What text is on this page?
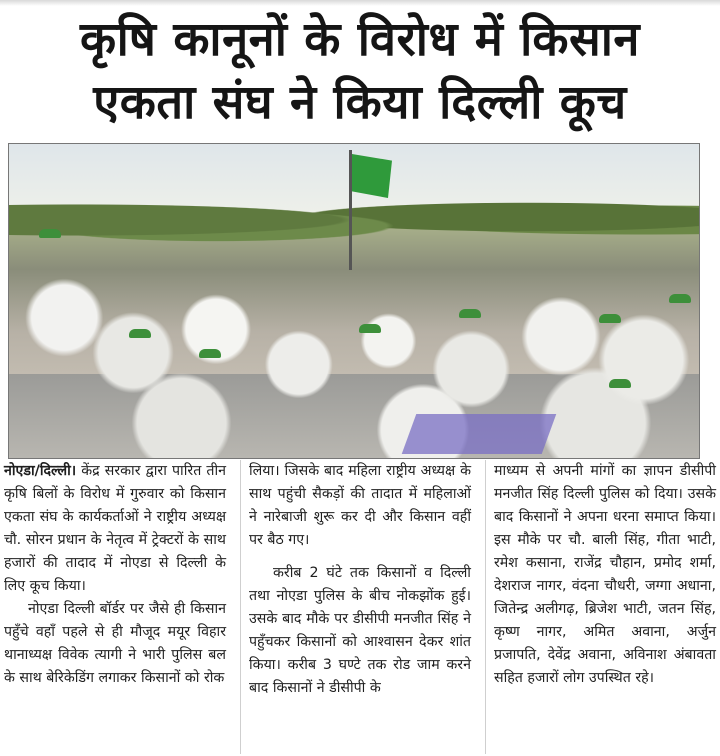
कृषि कानूनों के विरोध में किसान
एकता संघ ने किया दिल्ली कूच

नोएडा/दिल्ली। केंद्र सरकार द्वारा पारित तीन कृषि बिलों के विरोध में गुरुवार को किसान एकता संघ के कार्यकर्ताओं ने राष्ट्रीय अध्यक्ष चौ. सोरन प्रधान के नेतृत्व में ट्रेक्टरों के साथ हजारों की तादाद में नोएडा से दिल्ली के लिए कूच किया।

नोएडा दिल्ली बॉर्डर पर जैसे ही किसान पहुँचे वहाँ पहले से ही मौजूद मयूर विहार थानाध्यक्ष विवेक त्यागी ने भारी पुलिस बल के साथ बेरिकेडिंग लगाकर किसानों को रोक

लिया। जिसके बाद महिला राष्ट्रीय अध्यक्ष के साथ पहुंची सैकड़ों की तादात में महिलाओं ने नारेबाजी शुरू कर दी और किसान वहीं पर बैठ गए।

करीब 2 घंटे तक किसानों व दिल्ली तथा नोएडा पुलिस के बीच नोकझोंक हुई। उसके बाद मौके पर डीसीपी मनजीत सिंह ने पहुँचकर किसानों को आश्वासन देकर शांत किया। करीब 3 घण्टे तक रोड जाम करने बाद किसानों ने डीसीपी के

माध्यम से अपनी मांगों का ज्ञापन डीसीपी मनजीत सिंह दिल्ली पुलिस को दिया। उसके बाद किसानों ने अपना धरना समाप्त किया। इस मौके पर चौ. बाली सिंह, गीता भाटी, रमेश कसाना, राजेंद्र चौहान, प्रमोद शर्मा, देशराज नागर, वंदना चौधरी, जग्गा अधाना, जितेन्द्र अलीगढ़, ब्रिजेश भाटी, जतन सिंह, कृष्ण नागर, अमित अवाना, अर्जुन प्रजापति, देवेंद्र अवाना, अविनाश अंबावता सहित हजारों लोग उपस्थित रहे।
